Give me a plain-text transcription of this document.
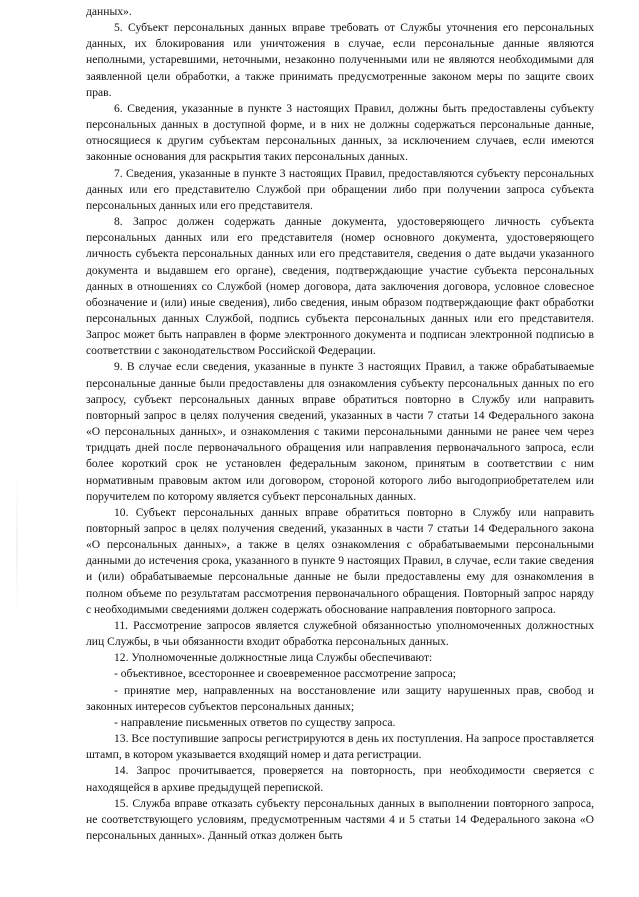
данных».

5. Субъект персональных данных вправе требовать от Службы уточнения его персональных данных, их блокирования или уничтожения в случае, если персональные данные являются неполными, устаревшими, неточными, незаконно полученными или не являются необходимыми для заявленной цели обработки, а также принимать предусмотренные законом меры по защите своих прав.

6. Сведения, указанные в пункте 3 настоящих Правил, должны быть предоставлены субъекту персональных данных в доступной форме, и в них не должны содержаться персональные данные, относящиеся к другим субъектам персональных данных, за исключением случаев, если имеются законные основания для раскрытия таких персональных данных.

7. Сведения, указанные в пункте 3 настоящих Правил, предоставляются субъекту персональных данных или его представителю Службой при обращении либо при получении запроса субъекта персональных данных или его представителя.

8. Запрос должен содержать данные документа, удостоверяющего личность субъекта персональных данных или его представителя (номер основного документа, удостоверяющего личность субъекта персональных данных или его представителя, сведения о дате выдачи указанного документа и выдавшем его органе), сведения, подтверждающие участие субъекта персональных данных в отношениях со Службой (номер договора, дата заключения договора, условное словесное обозначение и (или) иные сведения), либо сведения, иным образом подтверждающие факт обработки персональных данных Службой, подпись субъекта персональных данных или его представителя. Запрос может быть направлен в форме электронного документа и подписан электронной подписью в соответствии с законодательством Российской Федерации.

9. В случае если сведения, указанные в пункте 3 настоящих Правил, а также обрабатываемые персональные данные были предоставлены для ознакомления субъекту персональных данных по его запросу, субъект персональных данных вправе обратиться повторно в Службу или направить повторный запрос в целях получения сведений, указанных в части 7 статьи 14 Федерального закона «О персональных данных», и ознакомления с такими персональными данными не ранее чем через тридцать дней после первоначального обращения или направления первоначального запроса, если более короткий срок не установлен федеральным законом, принятым в соответствии с ним нормативным правовым актом или договором, стороной которого либо выгодоприобретателем или поручителем по которому является субъект персональных данных.

10. Субъект персональных данных вправе обратиться повторно в Службу или направить повторный запрос в целях получения сведений, указанных в части 7 статьи 14 Федерального закона «О персональных данных», а также в целях ознакомления с обрабатываемыми персональными данными до истечения срока, указанного в пункте 9 настоящих Правил, в случае, если такие сведения и (или) обрабатываемые персональные данные не были предоставлены ему для ознакомления в полном объеме по результатам рассмотрения первоначального обращения. Повторный запрос наряду с необходимыми сведениями должен содержать обоснование направления повторного запроса.

11. Рассмотрение запросов является служебной обязанностью уполномоченных должностных лиц Службы, в чьи обязанности входит обработка персональных данных.

12. Уполномоченные должностные лица Службы обеспечивают:

- объективное, всестороннее и своевременное рассмотрение запроса;

- принятие мер, направленных на восстановление или защиту нарушенных прав, свобод и законных интересов субъектов персональных данных;

- направление письменных ответов по существу запроса.

13. Все поступившие запросы регистрируются в день их поступления. На запросе проставляется штамп, в котором указывается входящий номер и дата регистрации.

14. Запрос прочитывается, проверяется на повторность, при необходимости сверяется с находящейся в архиве предыдущей перепиской.

15. Служба вправе отказать субъекту персональных данных в выполнении повторного запроса, не соответствующего условиям, предусмотренным частями 4 и 5 статьи 14 Федерального закона «О персональных данных». Данный отказ должен быть
